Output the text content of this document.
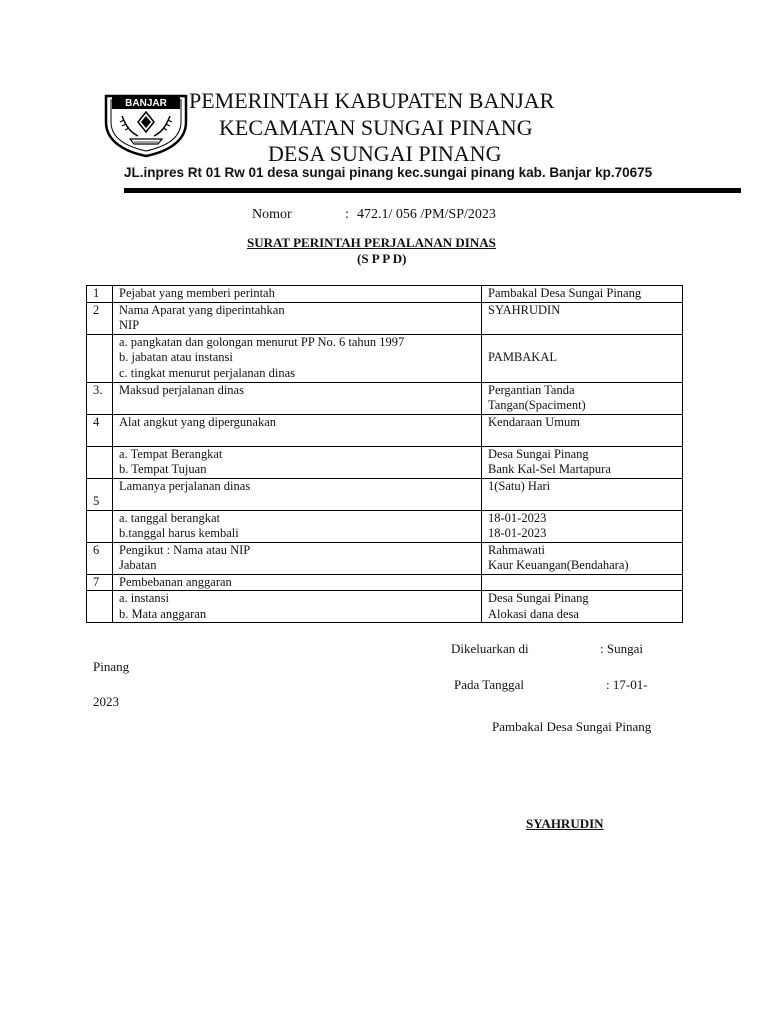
BANJAR PEMERINTAH KABUPATEN BANJAR
KECAMATAN SUNGAI PINANG
DESA SUNGAI PINANG
JL.inpres Rt 01 Rw 01 desa sungai pinang kec.sungai pinang kab. Banjar kp.70675
Nomor	: 472.1/ 056 /PM/SP/2023
SURAT PERINTAH PERJALANAN DINAS
(S P P D)
1	Pejabat yang memberi perintah	Pambakal Desa Sungai Pinang

2	Nama Aparat yang diperintahkan
NIP	SYAHRUDIN

	a. pangkatan dan golongan menurut PP No. 6 tahun 1997
b. jabatan atau instansi
c. tingkat menurut perjalanan dinas	PAMBAKAL

3.	Maksud perjalanan dinas	Pergantian Tanda
Tangan(Spaciment)

4	Alat angkut yang dipergunakan	Kendaraan Umum

	a. Tempat Berangkat
b. Tempat Tujuan	Desa Sungai Pinang
Bank Kal-Sel Martapura

5	Lamanya perjalanan dinas	1(Satu) Hari

	a. tanggal berangkat
b.tanggal harus kembali	18-01-2023
18-01-2023

6	Pengikut : Nama atau NIP
Jabatan	Rahmawati
Kaur Keuangan(Bendahara)

7	Pembebanan anggaran	

	a. instansi
b. Mata anggaran	Desa Sungai Pinang
Alokasi dana desa
Dikeluarkan di	: Sungai
Pinang
Pada Tanggal	: 17-01-
2023
Pambakal Desa Sungai Pinang
SYAHRUDIN
